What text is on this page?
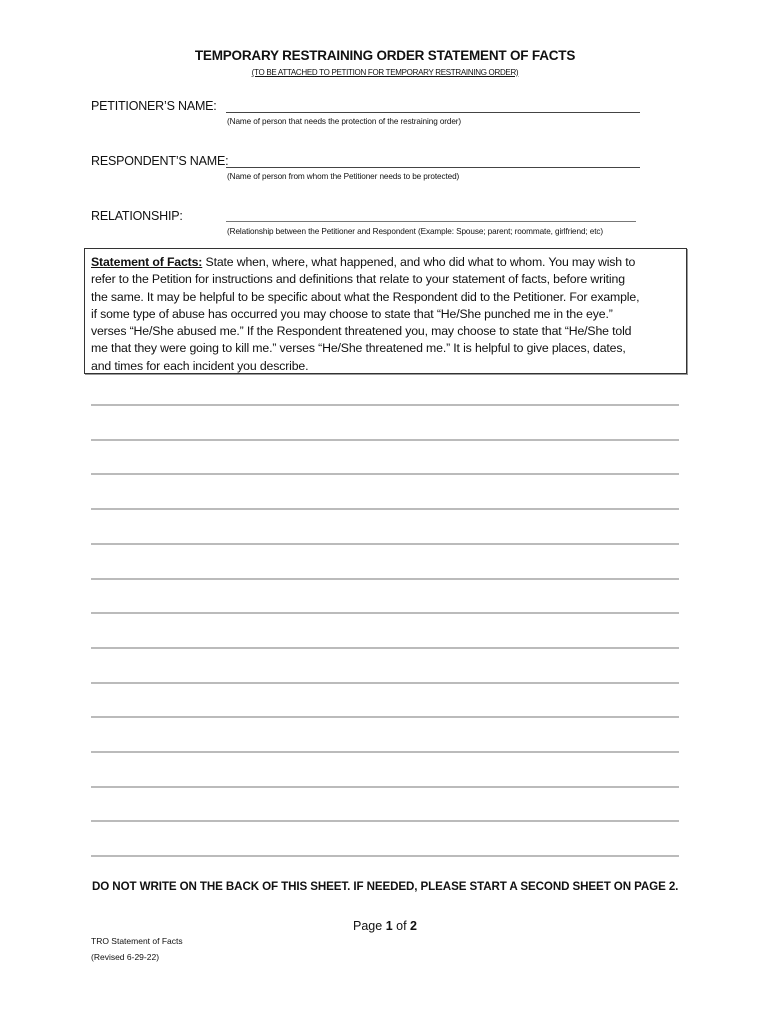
TEMPORARY RESTRAINING ORDER STATEMENT OF FACTS
(TO BE ATTACHED TO PETITION FOR TEMPORARY RESTRAINING ORDER)
PETITIONER’S NAME:
(Name of person that needs the protection of the restraining order)
RESPONDENT’S NAME:
(Name of person from whom the Petitioner needs to be protected)
RELATIONSHIP:
(Relationship between the Petitioner and Respondent (Example: Spouse; parent; roommate, girlfriend; etc)
Statement of Facts: State when, where, what happened, and who did what to whom. You may wish to
refer to the Petition for instructions and definitions that relate to your statement of facts, before writing
the same. It may be helpful to be specific about what the Respondent did to the Petitioner. For example,
if some type of abuse has occurred you may choose to state that “He/She punched me in the eye.”
verses “He/She abused me.” If the Respondent threatened you, may choose to state that “He/She told
me that they were going to kill me.” verses “He/She threatened me.” It is helpful to give places, dates,
and times for each incident you describe.
DO NOT WRITE ON THE BACK OF THIS SHEET. IF NEEDED, PLEASE START A SECOND SHEET ON PAGE 2.
Page 1 of 2
TRO Statement of Facts
(Revised 6-29-22)
